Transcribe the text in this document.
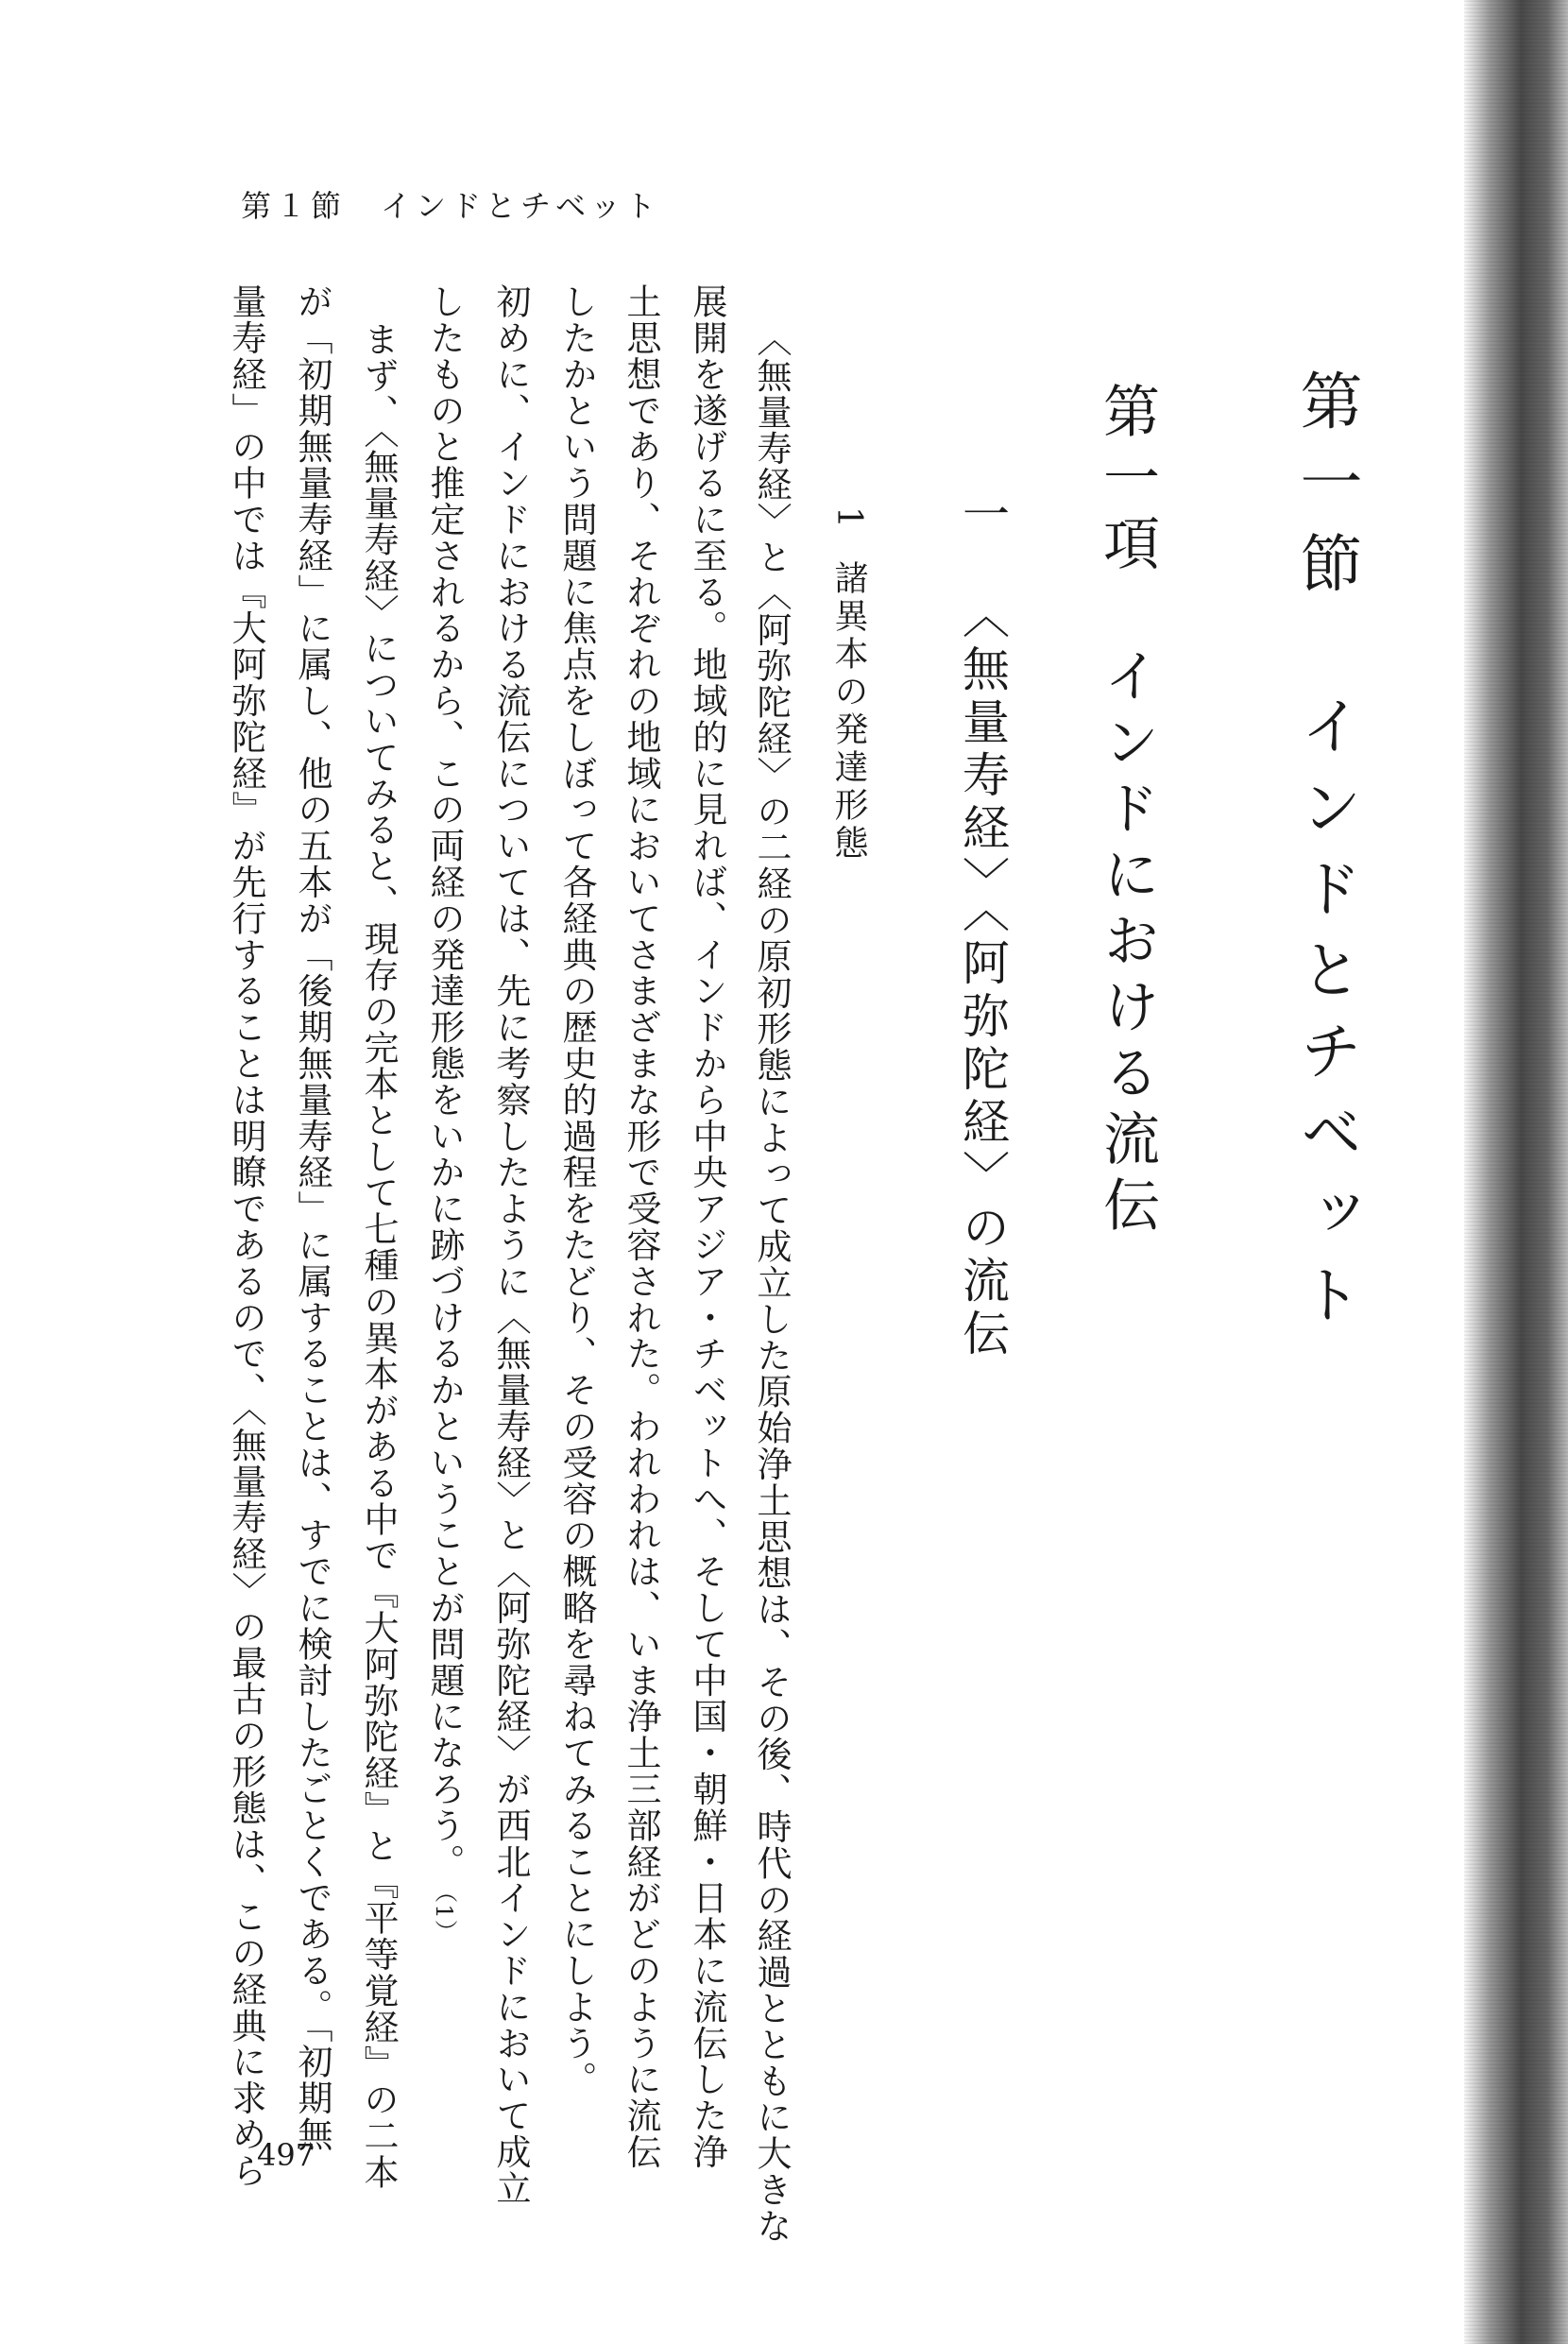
第１節　インドとチベット
第一節　インドとチベット
第一項　インドにおける流伝
一〈無量寿経〉〈阿弥陀経〉の流伝
1諸異本の発達形態
〈無量寿経〉と〈阿弥陀経〉の二経の原初形態によって成立した原始浄土思想は、その後、時代の経過とともに大きな
展開を遂げるに至る。地域的に見れば、インドから中央アジア・チベットへ、そして中国・朝鮮・日本に流伝した浄
土思想であり、それぞれの地域においてさまざまな形で受容された。われわれは、いま浄土三部経がどのように流伝
したかという問題に焦点をしぼって各経典の歴史的過程をたどり、その受容の概略を尋ねてみることにしよう。
初めに、インドにおける流伝については、先に考察したように〈無量寿経〉と〈阿弥陀経〉が西北インドにおいて成立
したものと推定されるから、この両経の発達形態をいかに跡づけるかということが問題になろう。（1）
まず、〈無量寿経〉についてみると、現存の完本として七種の異本がある中で『大阿弥陀経』と『平等覚経』の二本
が「初期無量寿経」に属し、他の五本が「後期無量寿経」に属することは、すでに検討したごとくである。「初期無
量寿経」の中では『大阿弥陀経』が先行することは明瞭であるので、〈無量寿経〉の最古の形態は、この経典に求めら
497
